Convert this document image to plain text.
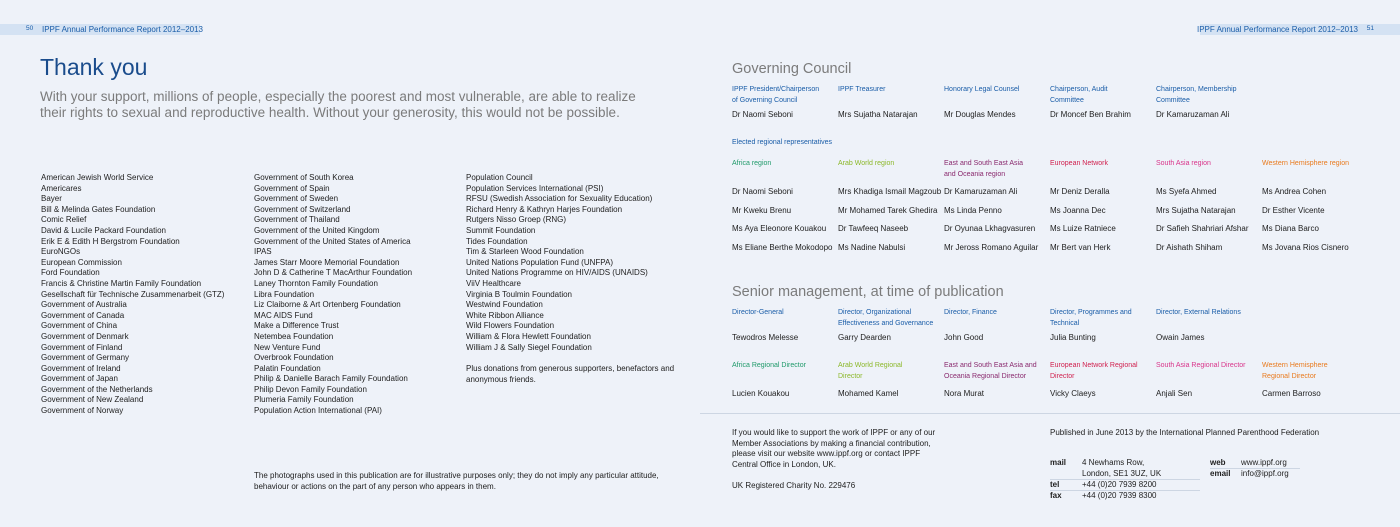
50 IPPF Annual Performance Report 2012–2013
Thank you
With your support, millions of people, especially the poorest and most vulnerable, are able to realize their rights to sexual and reproductive health. Without your generosity, this would not be possible.
American Jewish World Service
Americares
Bayer
Bill & Melinda Gates Foundation
Comic Relief
David & Lucile Packard Foundation
Erik E & Edith H Bergstrom Foundation
EuroNGOs
European Commission
Ford Foundation
Francis & Christine Martin Family Foundation
Gesellschaft für Technische Zusammenarbeit (GTZ)
Government of Australia
Government of Canada
Government of China
Government of Denmark
Government of Finland
Government of Germany
Government of Ireland
Government of Japan
Government of the Netherlands
Government of New Zealand
Government of Norway
Government of South Korea
Government of Spain
Government of Sweden
Government of Switzerland
Government of Thailand
Government of the United Kingdom
Government of the United States of America
IPAS
James Starr Moore Memorial Foundation
John D & Catherine T MacArthur Foundation
Laney Thornton Family Foundation
Libra Foundation
Liz Claiborne & Art Ortenberg Foundation
MAC AIDS Fund
Make a Difference Trust
Netembea Foundation
New Venture Fund
Overbrook Foundation
Palatin Foundation
Philip & Danielle Barach Family Foundation
Philip Devon Family Foundation
Plumeria Family Foundation
Population Action International (PAI)
Population Council
Population Services International (PSI)
RFSU (Swedish Association for Sexuality Education)
Richard Henry & Kathryn Harjes Foundation
Rutgers Nisso Groep (RNG)
Summit Foundation
Tides Foundation
Tim & Starleen Wood Foundation
United Nations Population Fund (UNFPA)
United Nations Programme on HIV/AIDS (UNAIDS)
ViiV Healthcare
Virginia B Toulmin Foundation
Westwind Foundation
White Ribbon Alliance
Wild Flowers Foundation
William & Flora Hewlett Foundation
William J & Sally Siegel Foundation
Plus donations from generous supporters, benefactors and anonymous friends.
The photographs used in this publication are for illustrative purposes only; they do not imply any particular attitude, behaviour or actions on the part of any person who appears in them.
IPPF Annual Performance Report 2012–2013 51
Governing Council
Elected regional representatives
Senior management, at time of publication
If you would like to support the work of IPPF or any of our Member Associations by making a financial contribution, please visit our website www.ippf.org or contact IPPF Central Office in London, UK.
UK Registered Charity No. 229476
Published in June 2013 by the International Planned Parenthood Federation
mail 4 Newhams Row,
London, SE1 3UZ, UK
tel	+44 (0)20 7939 8200
fax	+44 (0)20 7939 8300
web www.ippf.org
email info@ippf.org
IPPF President/Chairperson of Governing Council
Dr Naomi Seboni
IPPF Treasurer
Mrs Sujatha Natarajan
Honorary Legal Counsel
Mr Douglas Mendes
Chairperson, Audit Committee
Dr Moncef Ben Brahim
Chairperson, Membership Committee
Dr Kamaruzaman Ali
Africa region
Dr Naomi Seboni
Mr Kweku Brenu
Ms Aya Eleonore Kouakou
Ms Eliane Berthe Mokodopo
Arab World region
Mrs Khadiga Ismail Magzoub
Mr Mohamed Tarek Ghedira
Dr Tawfeeq Naseeb
Ms Nadine Nabulsi
East and South East Asia and Oceania region
Dr Kamaruzaman Ali
Ms Linda Penno
Dr Oyunaa Lkhagvasuren
Mr Jeross Romano Aguilar
European Network
Mr Deniz Deralla
Ms Joanna Dec
Ms Luize Ratniece
Mr Bert van Herk
South Asia region
Ms Syefa Ahmed
Mrs Sujatha Natarajan
Dr Safieh Shahriari Afshar
Dr Aishath Shiham
Western Hemisphere region
Ms Andrea Cohen
Dr Esther Vicente
Ms Diana Barco
Ms Jovana Rios Cisnero
Director-General
Tewodros Melesse
Director, Organizational Effectiveness and Governance
Garry Dearden
Director, Finance
John Good
Director, Programmes and Technical
Julia Bunting
Director, External Relations
Owain James
Africa Regional Director
Lucien Kouakou
Arab World Regional Director
Mohamed Kamel
East and South East Asia and Oceania Regional Director
Nora Murat
European Network Regional Director
Vicky Claeys
South Asia Regional Director
Anjali Sen
Western Hemisphere Regional Director
Carmen Barroso
